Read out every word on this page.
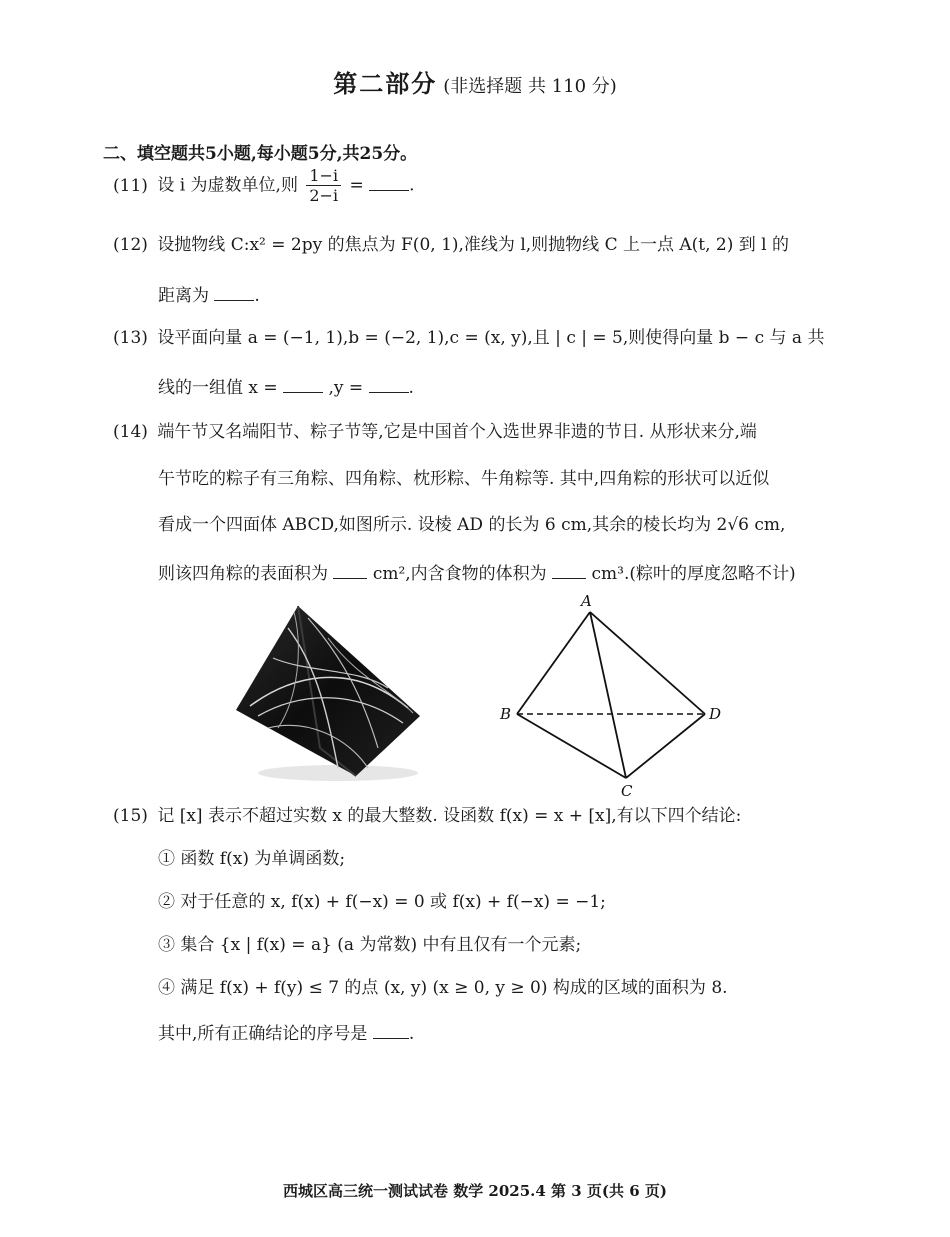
第二部分 (非选择题 共 110 分)
二、填空题共5小题,每小题5分,共25分。
(11) 设 i 为虚数单位,则 $\frac{1-i}{2-i}$ =	.
(12) 设抛物线 C:x² = 2py 的焦点为 F(0, 1),准线为 l,则抛物线 C 上一点 A(t, 2) 到 l 的
距离为	.
(13) 设平面向量 a = (−1, 1),b = (−2, 1),c = (x, y),且 | c | = 5,则使得向量 b − c 与 a 共
线的一组值 x =	,y =	.
(14) 端午节又名端阳节、粽子节等,它是中国首个入选世界非遗的节日. 从形状来分,端
午节吃的粽子有三角粽、四角粽、枕形粽、牛角粽等. 其中,四角粽的形状可以近似
看成一个四面体 ABCD,如图所示. 设棱 AD 的长为 6 cm,其余的棱长均为 2√6 cm,
则该四角粽的表面积为	cm²,内含食物的体积为	cm³.(粽叶的厚度忽略不计)
A
B
C
D
(15) 记 [x] 表示不超过实数 x 的最大整数. 设函数 f(x) = x + [x],有以下四个结论:
① 函数 f(x) 为单调函数;
② 对于任意的 x, f(x) + f(−x) = 0 或 f(x) + f(−x) = −1;
③ 集合 {x | f(x) = a} (a 为常数) 中有且仅有一个元素;
④ 满足 f(x) + f(y) ≤ 7 的点 (x, y) (x ≥ 0, y ≥ 0) 构成的区域的面积为 8.
其中,所有正确结论的序号是 .
西城区高三统一测试试卷 数学 2025.4 第 3 页(共 6 页)
